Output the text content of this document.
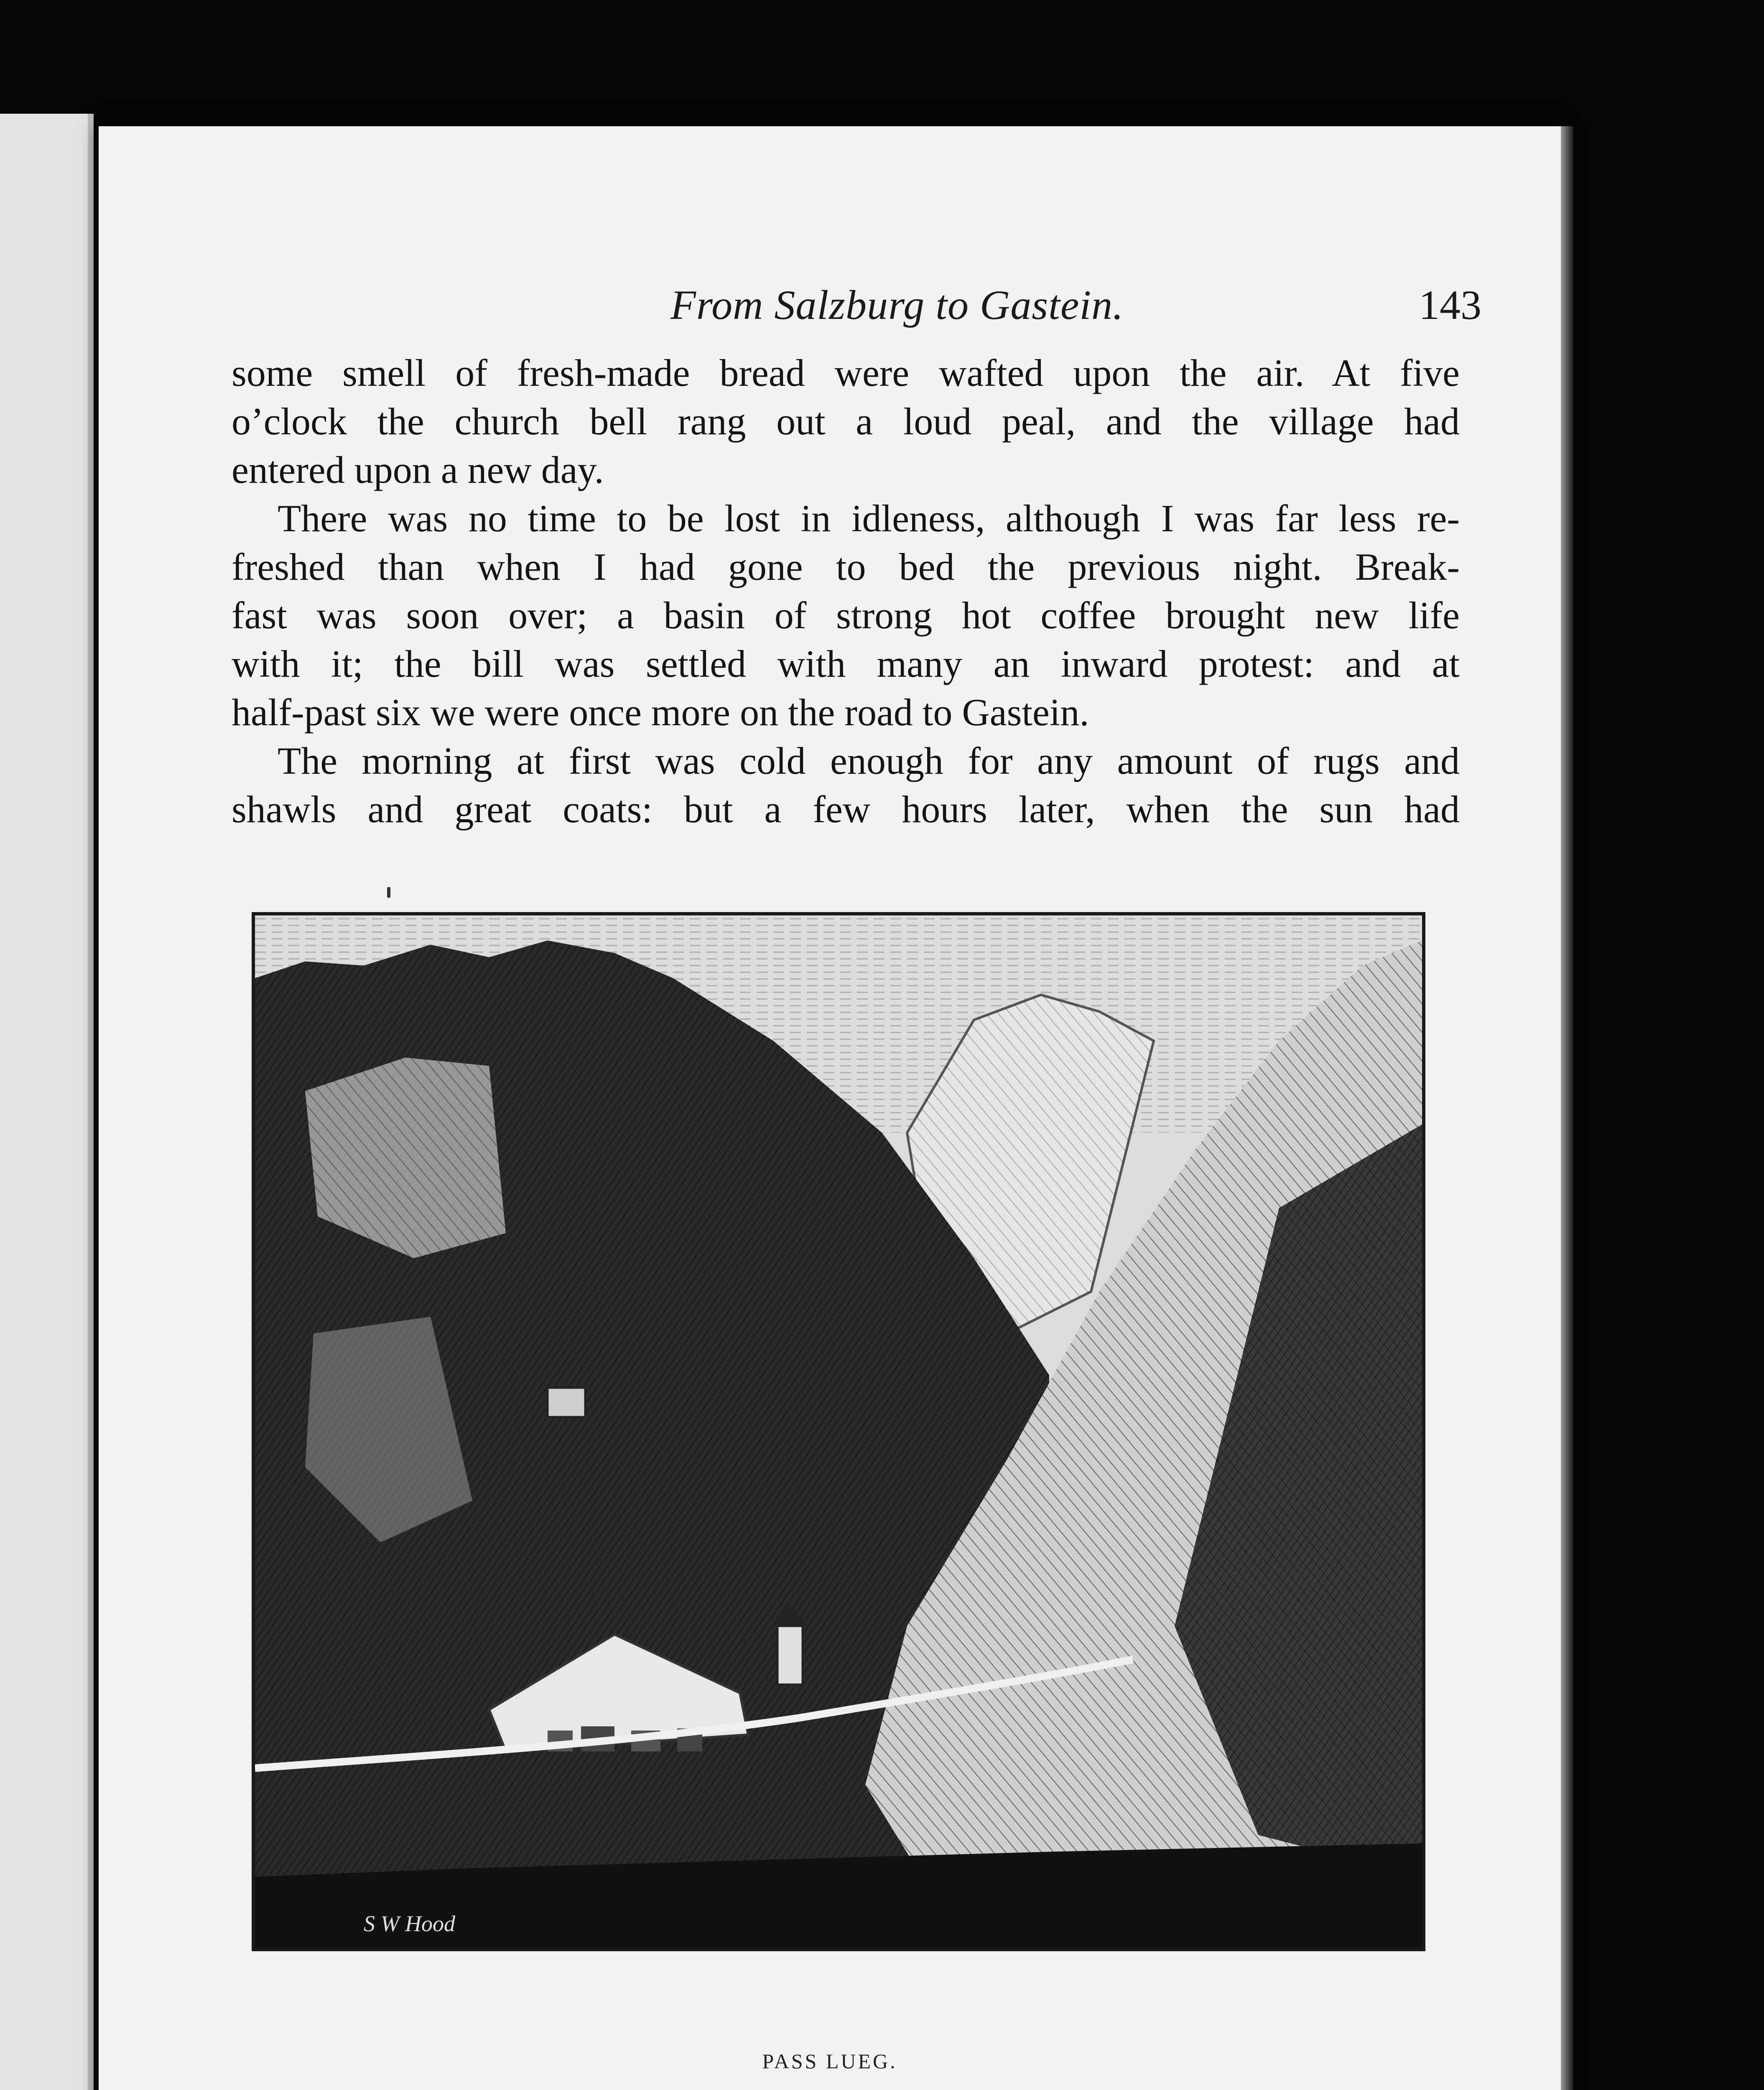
From Salzburg to Gastein.	143
some smell of fresh-made bread were wafted upon the air. At five
o’clock the church bell rang out a loud peal, and the village had
entered upon a new day.
There was no time to be lost in idleness, although I was far less re-
freshed than when I had gone to bed the previous night. Break-
fast was soon over; a basin of strong hot coffee brought new life
with it; the bill was settled with many an inward protest: and at
half-past six we were once more on the road to Gastein.
The morning at first was cold enough for any amount of rugs and
shawls and great coats: but a few hours later, when the sun had
S W Hood
PASS LUEG.
